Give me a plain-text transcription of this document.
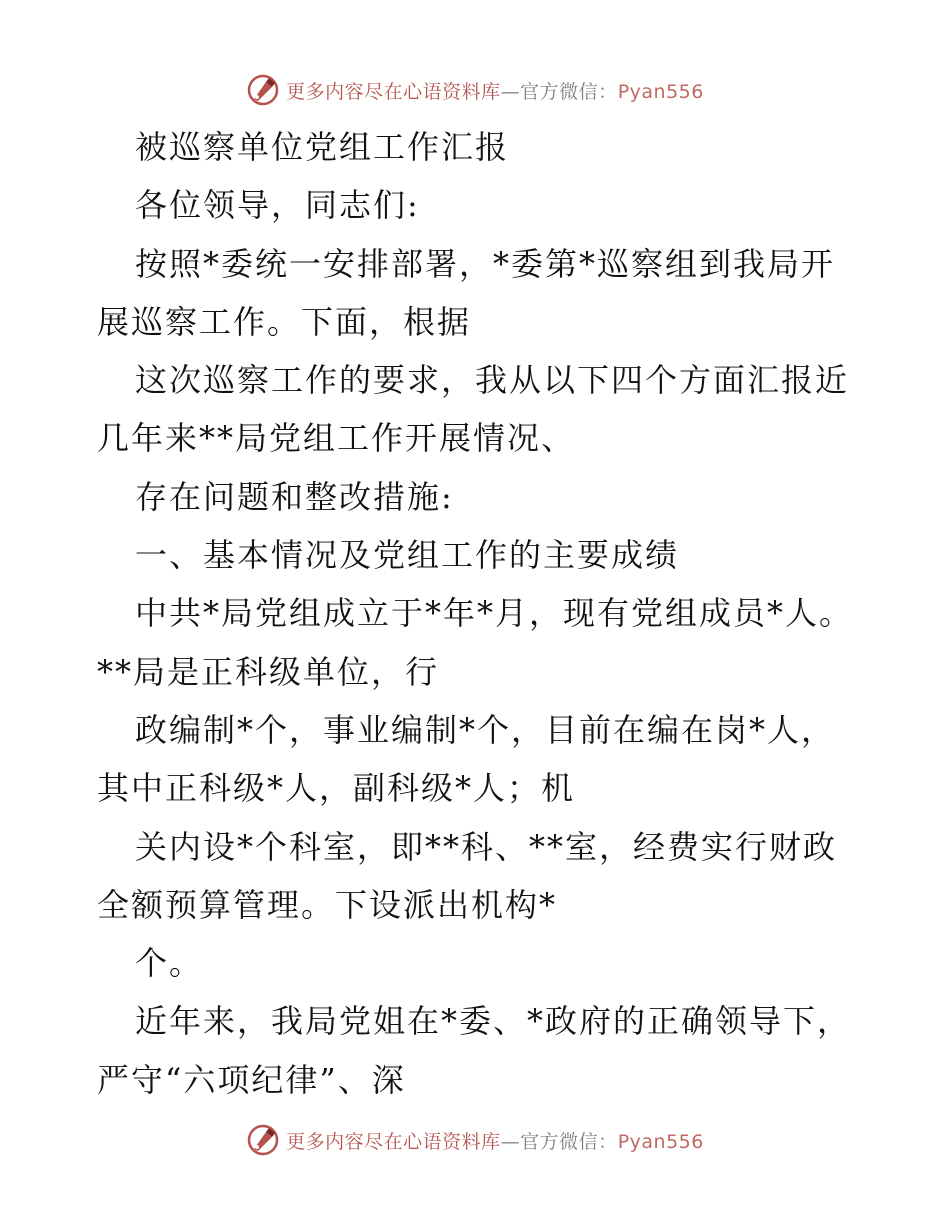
更多内容尽在心语资料库—官方微信：Pyan556
被巡察单位党组工作汇报
各位领导，同志们:
按照*委统一安排部署，*委第*巡察组到我局开
展巡察工作。下面，根据
这次巡察工作的要求，我从以下四个方面汇报近
几年来**局党组工作开展情况、
存在问题和整改措施:
一、基本情况及党组工作的主要成绩
中共*局党组成立于*年*月，现有党组成员*人。
**局是正科级单位，行
政编制*个，事业编制*个，目前在编在岗*人，
其中正科级*人，副科级*人；机
关内设*个科室，即**科、**室，经费实行财政
全额预算管理。下设派出机构*
个。
近年来，我局党姐在*委、*政府的正确领导下，
严守“六项纪律”、深
更多内容尽在心语资料库—官方微信：Pyan556
